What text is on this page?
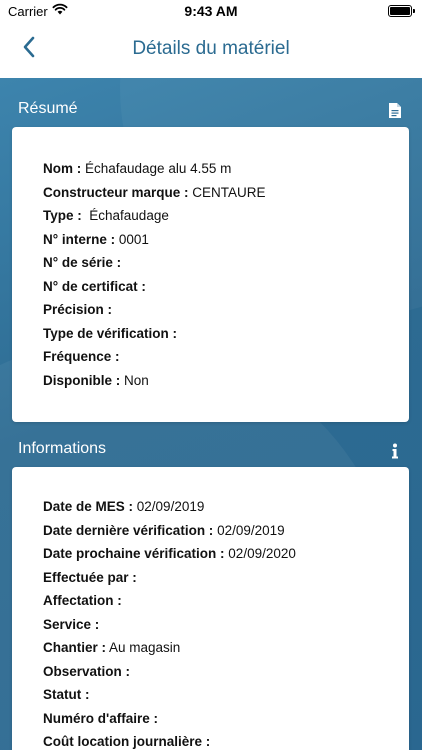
Carrier	9:43 AM
Détails du matériel
Résumé
Nom : Échafaudage alu 4.55 m
Constructeur marque : CENTAURE
Type :  Échafaudage
N° interne : 0001
N° de série :
N° de certificat :
Précision :
Type de vérification :
Fréquence :
Disponible : Non
Informations
Date de MES : 02/09/2019
Date dernière vérification : 02/09/2019
Date prochaine vérification : 02/09/2020
Effectuée par :
Affectation :
Service :
Chantier : Au magasin
Observation :
Statut :
Numéro d'affaire :
Coût location journalière :
